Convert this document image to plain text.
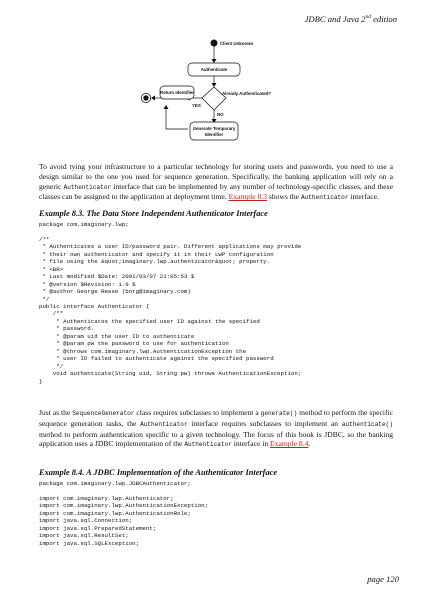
JDBC and Java 2nd edition
Client Unknown
Authenticate
Already Authenticated?
YES
NO
Return Identifier
Generate Temporary
Identifier
To avoid tying your infrastructure to a particular technology for storing users and passwords, you need to use a design similar to the one you used for sequence generation. Specifically, the banking application will rely on a generic Authenticator interface that can be implemented by any number of technology-specific classes, and these classes can be assigned to the application at deployment time. Example 8.3 shows the Authenticator interface.
Example 8.3. The Data Store Independent Authenticator Interface
package com.imaginary.lwp;

/**
* Authenticates a user ID/password pair. Different applications may provide
* their own authenticator and specify it in their LWP configuration
* file using the &quot;imaginary.lwp.authenticator&quot; property.
* <BR>
* Last modified $Date: 2001/03/07 21:05:53 $
* @version $Revision: 1.9 $
* @author George Reese (borg@imaginary.com)
*/
public interface Authenticator {
/**
* Authenticates the specified user ID against the specified
* password.
* @param uid the user ID to authenticate
* @param pw the password to use for authentication
* @throws com.imaginary.lwp.AuthenticationException the
* user ID failed to authenticate against the specified password
*/
void authenticate(String uid, String pw) throws AuthenticationException;
}
Just as the SequenceGenerator class requires subclasses to implement a generate() method to perform the specific sequence generation tasks, the Authenticator interface requires subclasses to implement an authenticate() method to perform authentication specific to a given technology. The focus of this book is JDBC, so the banking application uses a JDBC implementation of the Authenticator interface in Example 8.4.
Example 8.4. A JDBC Implementation of the Authenticator Interface
package com.imaginary.lwp.JDBCAuthenticator;

import com.imaginary.lwp.Authenticator;
import com.imaginary.lwp.AuthenticationException;
import com.imaginary.lwp.AuthenticationRole;
import java.sql.Connection;
import java.sql.PreparedStatement;
import java.sql.ResultSet;
import java.sql.SQLException;
page 120
